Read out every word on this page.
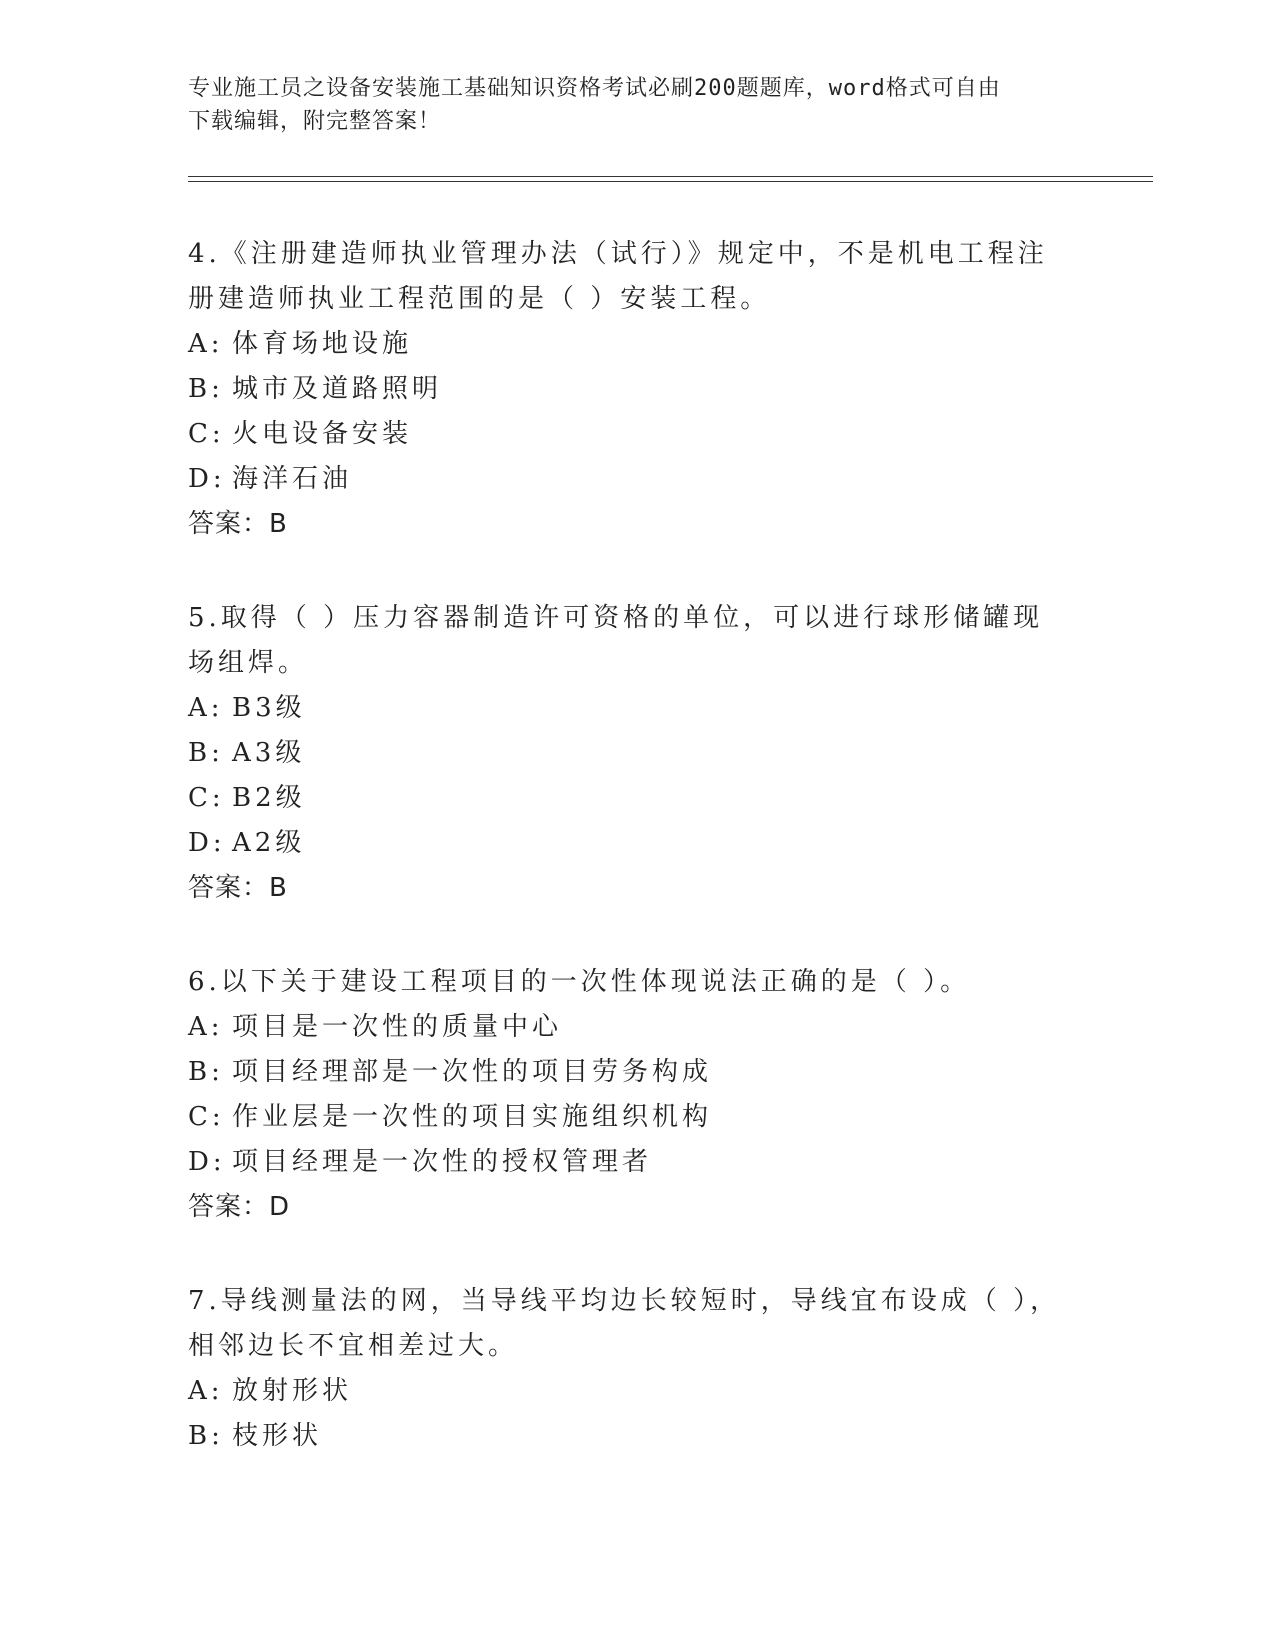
专业施工员之设备安装施工基础知识资格考试必刷200题题库，word格式可自由
下载编辑，附完整答案！

4.《注册建造师执业管理办法（试行）》规定中，不是机电工程注册建造师执业工程范围的是（ ）安装工程。

A: 体育场地设施

B: 城市及道路照明

C: 火电设备安装

D: 海洋石油

答案：B

5.取得（ ）压力容器制造许可资格的单位，可以进行球形储罐现场组焊。

A: B3级

B: A3级

C: B2级

D: A2级

答案：B

6.以下关于建设工程项目的一次性体现说法正确的是（ ）。

A: 项目是一次性的质量中心

B: 项目经理部是一次性的项目劳务构成

C: 作业层是一次性的项目实施组织机构

D: 项目经理是一次性的授权管理者

答案：D

7.导线测量法的网，当导线平均边长较短时，导线宜布设成（ ），相邻边长不宜相差过大。

A: 放射形状

B: 枝形状
